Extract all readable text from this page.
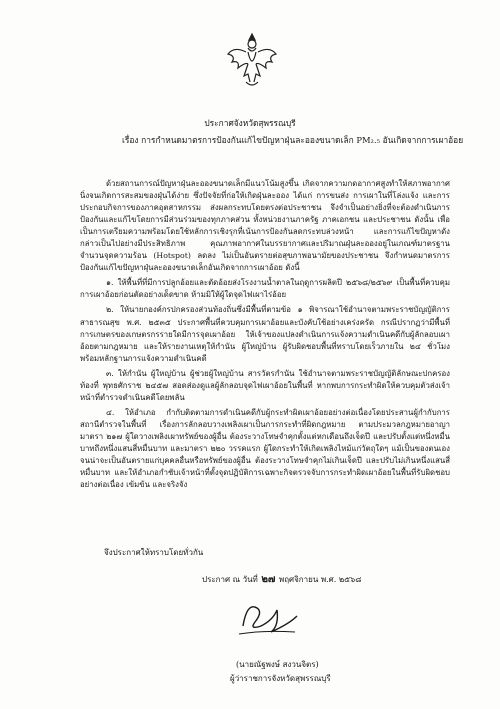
ประกาศจังหวัดสุพรรณบุรี
เรื่อง การกำหนดมาตรการป้องกันแก้ไขปัญหาฝุ่นละอองขนาดเล็ก PM₂.₅ อันเกิดจากการเผาอ้อย

ด้วยสถานการณ์ปัญหาฝุ่นละอองขนาดเล็กมีแนวโน้มสูงขึ้น เกิดจากความกดอากาศสูงทำให้สภาพอากาศนิ่งจนเกิดการสะสมของฝุ่นได้ง่าย ซึ่งปัจจัยที่ก่อให้เกิดฝุ่นละออง ได้แก่ การขนส่ง การเผาในที่โล่งแจ้ง และการประกอบกิจการของภาคอุตสาหกรรม ส่งผลกระทบโดยตรงต่อประชาชน จึงจำเป็นอย่างยิ่งที่จะต้องดำเนินการป้องกันและแก้ไขโดยการมีส่วนร่วมของทุกภาคส่วน ทั้งหน่วยงานภาครัฐ ภาคเอกชน และประชาชน ดังนั้น เพื่อเป็นการเตรียมความพร้อมโดยใช้หลักการเชิงรุกที่เน้นการป้องกันลดกระทบล่วงหน้า และการแก้ไขปัญหาดังกล่าวเป็นไปอย่างมีประสิทธิภาพ คุณภาพอากาศในบรรยากาศและปริมาณฝุ่นละอองอยู่ในเกณฑ์มาตรฐาน จำนวนจุดความร้อน (Hotspot) ลดลง ไม่เป็นอันตรายต่อสุขภาพอนามัยของประชาชน จึงกำหนดมาตรการป้องกันแก้ไขปัญหาฝุ่นละอองขนาดเล็กอันเกิดจากการเผาอ้อย ดังนี้

๑. ให้พื้นที่ที่มีการปลูกอ้อยและตัดอ้อยส่งโรงงานน้ำตาลในฤดูการผลิตปี ๒๕๖๘/๒๕๖๙ เป็นพื้นที่ควบคุมการเผาอ้อยก่อนตัดอย่างเด็ดขาด ห้ามมิให้ผู้ใดจุดไฟเผาไร่อ้อย

๒. ให้นายกองค์กรปกครองส่วนท้องถิ่นซึ่งมีพื้นที่ตามข้อ ๑ พิจารณาใช้อำนาจตามพระราชบัญญัติการสาธารณสุข พ.ศ. ๒๕๓๕ ประกาศพื้นที่ควบคุมการเผาอ้อยและบังคับใช้อย่างเคร่งครัด กรณีปรากฏว่ามีพื้นที่การเกษตรของเกษตรกรรายใดมีการจุดเผาอ้อย ให้เจ้าของแปลงดำเนินการแจ้งความดำเนินคดีกับผู้ลักลอบเผาอ้อยตามกฎหมาย และให้รายงานเหตุให้กำนัน ผู้ใหญ่บ้าน ผู้รับผิดชอบพื้นที่ทราบโดยเร็วภายใน ๒๔ ชั่วโมง พร้อมหลักฐานการแจ้งความดำเนินคดี

๓. ให้กำนัน ผู้ใหญ่บ้าน ผู้ช่วยผู้ใหญ่บ้าน สารวัตรกำนัน ใช้อำนาจตามพระราชบัญญัติลักษณะปกครองท้องที่ พุทธศักราช ๒๔๕๗ สอดส่องดูแลผู้ลักลอบจุดไฟเผาอ้อยในพื้นที่ หากพบการกระทำผิดให้ควบคุมตัวส่งเจ้าหน้าที่ตำรวจดำเนินคดีโดยพลัน

๔. ให้อำเภอ กำกับติดตามการดำเนินคดีกับผู้กระทำผิดเผาอ้อยอย่างต่อเนื่องโดยประสานผู้กำกับการสถานีตำรวจในพื้นที่ เรื่องการลักลอบวางเพลิงเผาเป็นการกระทำที่ผิดกฎหมาย ตามประมวลกฎหมายอาญา มาตรา ๒๑๗ ผู้ใดวางเพลิงเผาทรัพย์ของผู้อื่น ต้องระวางโทษจำคุกตั้งแต่หกเดือนถึงเจ็ดปี และปรับตั้งแต่หนึ่งหมื่นบาทถึงหนึ่งแสนสี่หมื่นบาท และมาตรา ๒๒๐ วรรคแรก ผู้ใดกระทำให้เกิดเพลิงไหม้แก่วัตถุใดๆ แม้เป็นของตนเอง จนน่าจะเป็นอันตรายแก่บุคคลอื่นหรือทรัพย์ของผู้อื่น ต้องระวางโทษจำคุกไม่เกินเจ็ดปี และปรับไม่เกินหนึ่งแสนสี่หมื่นบาท และให้อำเภอกำชับเจ้าหน้าที่ตั้งจุดปฏิบัติการเฉพาะกิจตรวจจับการกระทำผิดเผาอ้อยในพื้นที่รับผิดชอบอย่างต่อเนื่อง เข้มข้น และจริงจัง

จึงประกาศให้ทราบโดยทั่วกัน
ประกาศ ณ วันที่ ๒๗ พฤศจิกายน พ.ศ. ๒๕๖๘
(นายณัฐพงษ์ สงวนจิตร)
ผู้ว่าราชการจังหวัดสุพรรณบุรี
